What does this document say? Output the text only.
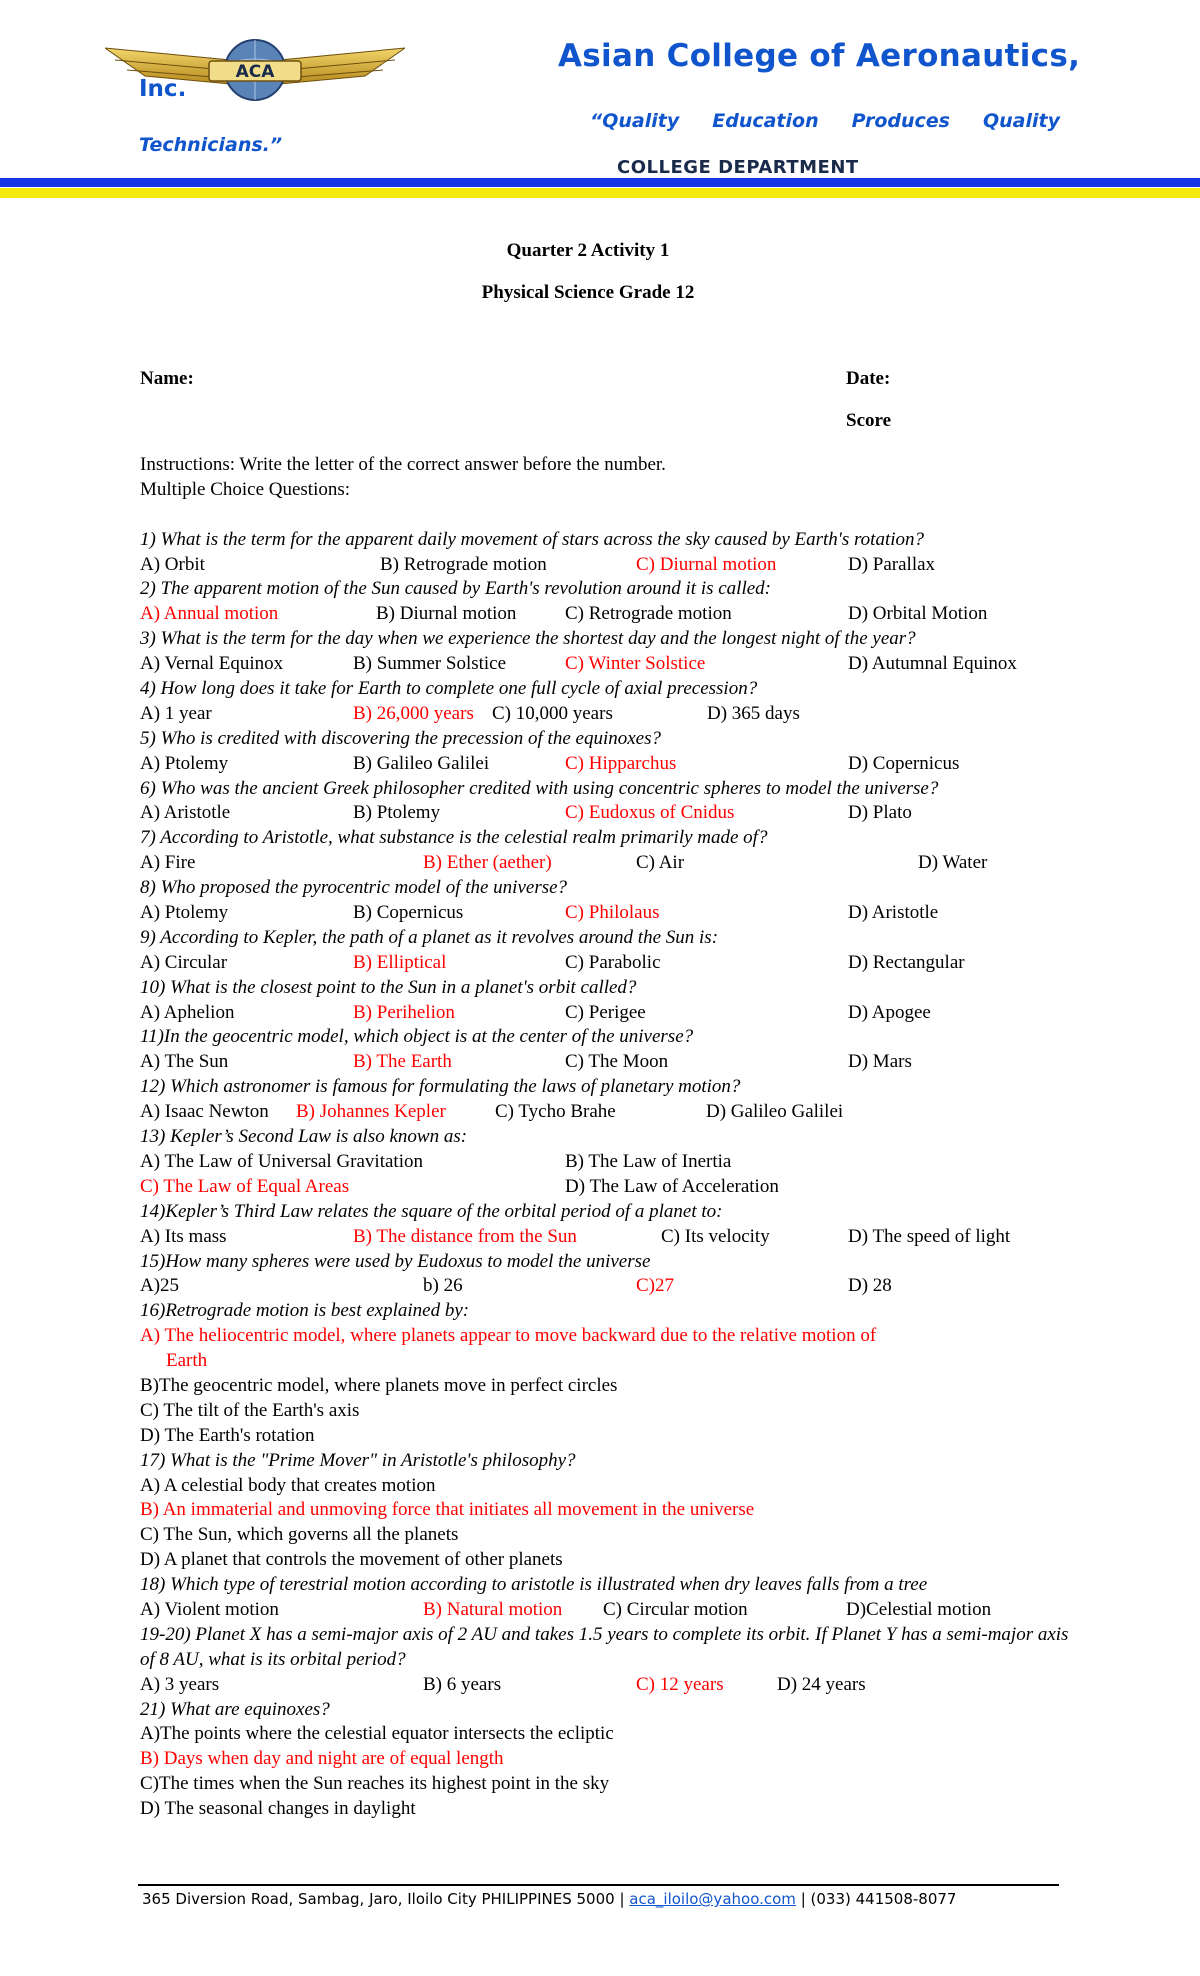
ACA	Asian College of Aeronautics,
Inc.
“Quality Education Produces Quality
Technicians.”
COLLEGE DEPARTMENT
Quarter 2 Activity 1
Physical Science Grade 12
Name:	Date:
Score
Instructions: Write the letter of the correct answer before the number.
Multiple Choice Questions:
1) What is the term for the apparent daily movement of stars across the sky caused by Earth's rotation?
A) Orbit	B) Retrograde motion	C) Diurnal motion	D) Parallax
2) The apparent motion of the Sun caused by Earth's revolution around it is called:
A) Annual motion	B) Diurnal motion	C) Retrograde motion	D) Orbital Motion
3) What is the term for the day when we experience the shortest day and the longest night of the year?
A) Vernal Equinox	B) Summer Solstice	C) Winter Solstice	D) Autumnal Equinox
4) How long does it take for Earth to complete one full cycle of axial precession?
A) 1 year	B) 26,000 years C) 10,000 years	D) 365 days
5) Who is credited with discovering the precession of the equinoxes?
A) Ptolemy	B) Galileo Galilei	C) Hipparchus	D) Copernicus
6) Who was the ancient Greek philosopher credited with using concentric spheres to model the universe?
A) Aristotle	B) Ptolemy	C) Eudoxus of Cnidus	D) Plato
7) According to Aristotle, what substance is the celestial realm primarily made of?
A) Fire	B) Ether (aether)	C) Air	D) Water
8) Who proposed the pyrocentric model of the universe?
A) Ptolemy	B) Copernicus	C) Philolaus	D) Aristotle
9) According to Kepler, the path of a planet as it revolves around the Sun is:
A) Circular	B) Elliptical	C) Parabolic	D) Rectangular
10) What is the closest point to the Sun in a planet's orbit called?
A) Aphelion	B) Perihelion	C) Perigee	D) Apogee
11)In the geocentric model, which object is at the center of the universe?
A) The Sun	B) The Earth	C) The Moon	D) Mars
12) Which astronomer is famous for formulating the laws of planetary motion?
A) Isaac Newton B) Johannes Kepler	C) Tycho Brahe	D) Galileo Galilei
13) Kepler’s Second Law is also known as:
A) The Law of Universal Gravitation	B) The Law of Inertia
C) The Law of Equal Areas	D) The Law of Acceleration
14)Kepler’s Third Law relates the square of the orbital period of a planet to:
A) Its mass	B) The distance from the Sun	C) Its velocity	D) The speed of light
15)How many spheres were used by Eudoxus to model the universe
A)25	b) 26	C)27	D) 28
16)Retrograde motion is best explained by:
A) The heliocentric model, where planets appear to move backward due to the relative motion of
Earth
B)The geocentric model, where planets move in perfect circles
C) The tilt of the Earth's axis
D) The Earth's rotation
17) What is the "Prime Mover" in Aristotle's philosophy?
A) A celestial body that creates motion
B) An immaterial and unmoving force that initiates all movement in the universe
C) The Sun, which governs all the planets
D) A planet that controls the movement of other planets
18) Which type of terestrial motion according to aristotle is illustrated when dry leaves falls from a tree
A) Violent motion	B) Natural motion C) Circular motion	D)Celestial motion
19-20) Planet X has a semi-major axis of 2 AU and takes 1.5 years to complete its orbit. If Planet Y has a semi-major axis of 8 AU, what is its orbital period?
A) 3 years	B) 6 years	C) 12 years	D) 24 years
21) What are equinoxes?
A)The points where the celestial equator intersects the ecliptic
B) Days when day and night are of equal length
C)The times when the Sun reaches its highest point in the sky
D) The seasonal changes in daylight
365 Diversion Road, Sambag, Jaro, Iloilo City PHILIPPINES 5000 | aca_iloilo@yahoo.com | (033) 441508-8077
